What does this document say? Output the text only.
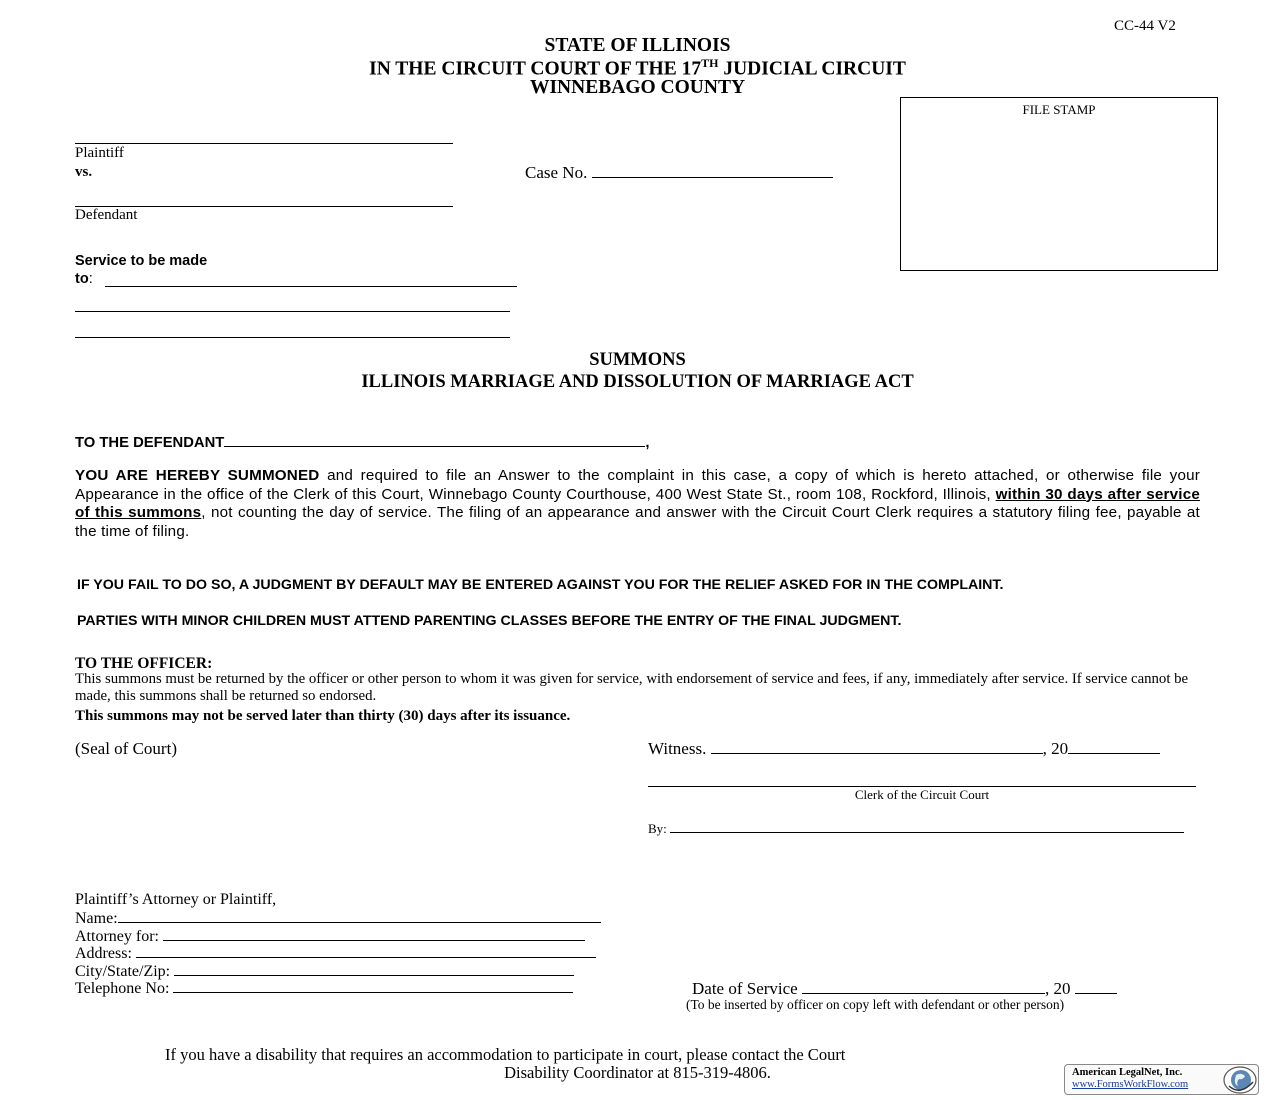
CC-44 V2
STATE OF ILLINOIS
IN THE CIRCUIT COURT OF THE 17TH JUDICIAL CIRCUIT
WINNEBAGO COUNTY
FILE STAMP
Plaintiff
vs.	Case No.
Defendant
Service to be made
to:
SUMMONS
ILLINOIS MARRIAGE AND DISSOLUTION OF MARRIAGE ACT
TO THE DEFENDANT	,
YOU ARE HEREBY SUMMONED and required to file an Answer to the complaint in this case, a copy of which is hereto attached, or otherwise file your Appearance in the office of the Clerk of this Court, Winnebago County Courthouse, 400 West State St., room 108, Rockford, Illinois, within 30 days after service of this summons, not counting the day of service. The filing of an appearance and answer with the Circuit Court Clerk requires a statutory filing fee, payable at the time of filing.
IF YOU FAIL TO DO SO, A JUDGMENT BY DEFAULT MAY BE ENTERED AGAINST YOU FOR THE RELIEF ASKED FOR IN THE COMPLAINT.
PARTIES WITH MINOR CHILDREN MUST ATTEND PARENTING CLASSES BEFORE THE ENTRY OF THE FINAL JUDGMENT.
TO THE OFFICER:
This summons must be returned by the officer or other person to whom it was given for service, with endorsement of service and fees, if any, immediately after service. If service cannot be made, this summons shall be returned so endorsed.
This summons may not be served later than thirty (30) days after its issuance.
(Seal of Court)	Witness.	, 20
Clerk of the Circuit Court
By:
Plaintiff’s Attorney or Plaintiff,
Name:
Attorney for:
Address:
City/State/Zip:
Telephone No:	Date of Service	, 20
(To be inserted by officer on copy left with defendant or other person)
If you have a disability that requires an accommodation to participate in court, please contact the Court
Disability Coordinator at 815-319-4806.	American LegalNet, Inc.
www.FormsWorkFlow.com
